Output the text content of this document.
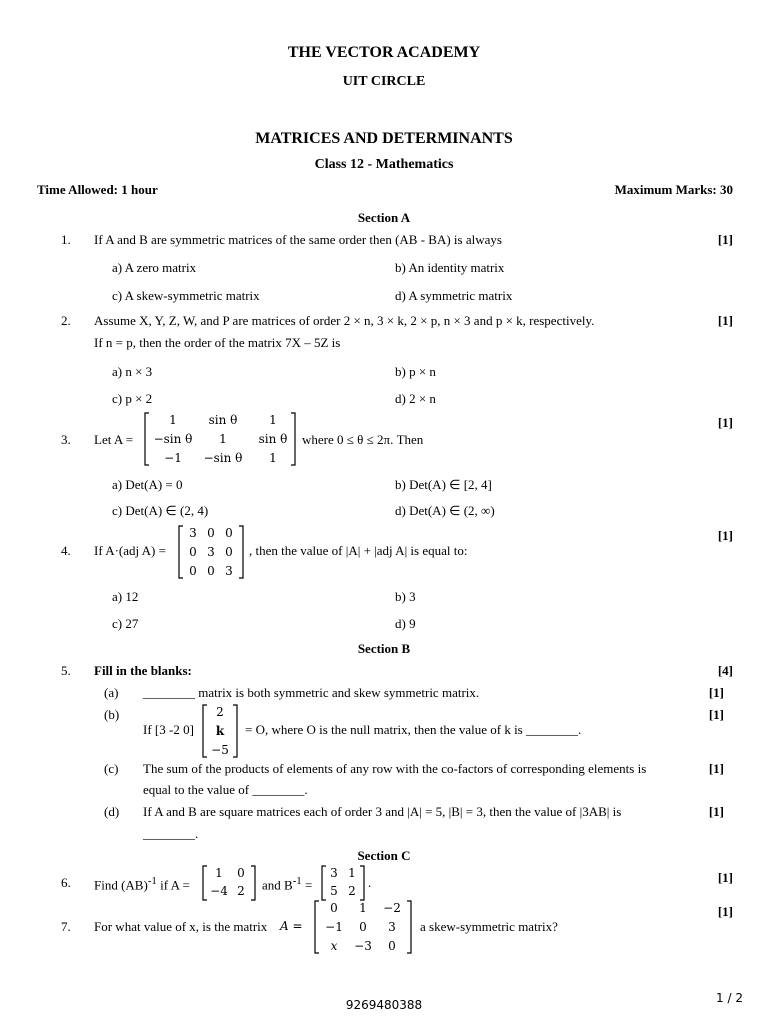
THE VECTOR ACADEMY
UIT CIRCLE
MATRICES AND DETERMINANTS
Class 12 - Mathematics
Time Allowed: 1 hour	Maximum Marks: 30
Section A
1. If A and B are symmetric matrices of the same order then (AB - BA) is always	[1]
a) A zero matrix	b) An identity matrix
c) A skew-symmetric matrix	d) A symmetric matrix
2. Assume X, Y, Z, W, and P are matrices of order 2 × n, 3 × k, 2 × p, n × 3 and p × k, respectively.	[1]
If n = p, then the order of the matrix 7X – 5Z is
a) n × 3	b) p × n
c) p × 2	d) 2 × n
3. Let A =
1	sin θ	1
−sin θ	1	sin θ
−1	−sin θ	1
where 0 ≤ θ ≤ 2π. Then
[1]
a) Det(A) = 0	b) Det(A) ∈ [2, 4]
c) Det(A) ∈ (2, 4)	d) Det(A) ∈ (2, ∞)
4. If A·(adj A) =
3 0 0
0 3 0
0 0 3
, then the value of |A| + |adj A| is equal to:
[1]
a) 12	b) 3
c) 27	d) 9
Section B
5. Fill in the blanks:	[4]
(a) ________ matrix is both symmetric and skew symmetric matrix.	[1]
(b)
If [3 -2 0]
2
k
−5
= O, where O is the null matrix, then the value of k is ________.
[1]
(c) The sum of the products of elements of any row with the co-factors of corresponding elements is	[1]
equal to the value of ________.
(d) If A and B are square matrices each of order 3 and |A| = 5, |B| = 3, then the value of |3AB| is	[1]
________.
Section C
6. Find (AB)$^{-1}$ if A =
1	0
−4 2	and $B^{-1}$ =
3 1
5 2
.	[1]
7. For what value of x, is the matrix A =
0	1	−2
−1	0	3
x	−3	0
a skew-symmetric matrix?
[1]
9269480388	1 / 2
